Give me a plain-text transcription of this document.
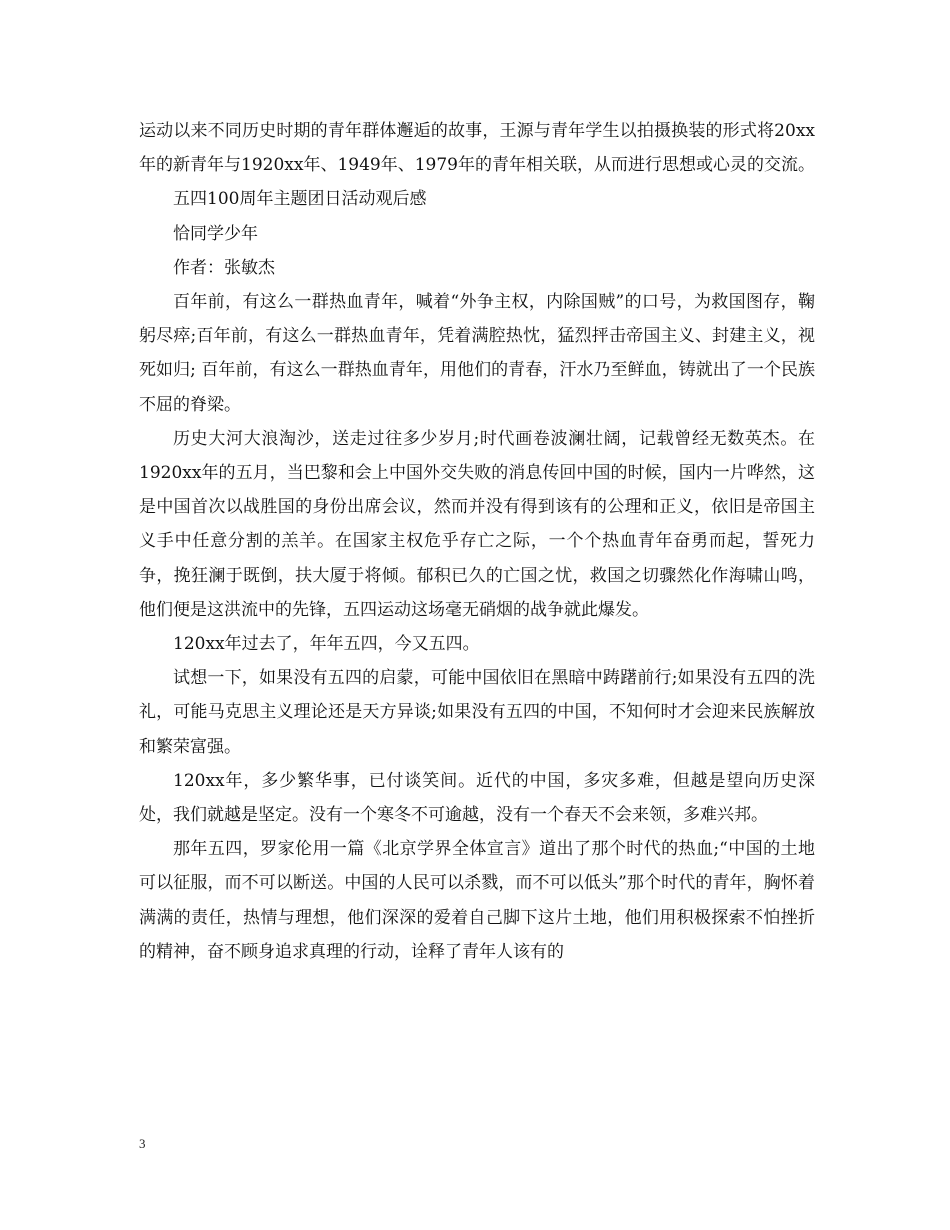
运动以来不同历史时期的青年群体邂逅的故事，王源与青年学生以拍摄换装的形式将20xx年的新青年与1920xx年、1949年、1979年的青年相关联，从而进行思想或心灵的交流。

五四100周年主题团日活动观后感

恰同学少年

作者：张敏杰

百年前，有这么一群热血青年，喊着“外争主权，内除国贼”的口号，为救国图存，鞠躬尽瘁;百年前，有这么一群热血青年，凭着满腔热忱，猛烈抨击帝国主义、封建主义，视死如归; 百年前，有这么一群热血青年，用他们的青春，汗水乃至鲜血，铸就出了一个民族不屈的脊梁。

历史大河大浪淘沙，送走过往多少岁月;时代画卷波澜壮阔，记载曾经无数英杰。在1920xx年的五月，当巴黎和会上中国外交失败的消息传回中国的时候，国内一片哗然，这是中国首次以战胜国的身份出席会议，然而并没有得到该有的公理和正义，依旧是帝国主义手中任意分割的羔羊。在国家主权危乎存亡之际，一个个热血青年奋勇而起，誓死力争，挽狂澜于既倒，扶大厦于将倾。郁积已久的亡国之忧，救国之切骤然化作海啸山鸣，他们便是这洪流中的先锋，五四运动这场毫无硝烟的战争就此爆发。

120xx年过去了，年年五四，今又五四。

试想一下，如果没有五四的启蒙，可能中国依旧在黑暗中踌躇前行;如果没有五四的洗礼，可能马克思主义理论还是天方异谈;如果没有五四的中国，不知何时才会迎来民族解放和繁荣富强。

120xx年，多少繁华事，已付谈笑间。近代的中国，多灾多难，但越是望向历史深处，我们就越是坚定。没有一个寒冬不可逾越，没有一个春天不会来领，多难兴邦。

那年五四，罗家伦用一篇《北京学界全体宣言》道出了那个时代的热血;“中国的土地可以征服，而不可以断送。中国的人民可以杀戮，而不可以低头”那个时代的青年，胸怀着满满的责任，热情与理想，他们深深的爱着自己脚下这片土地，他们用积极探索不怕挫折的精神，奋不顾身追求真理的行动，诠释了青年人该有的

3
